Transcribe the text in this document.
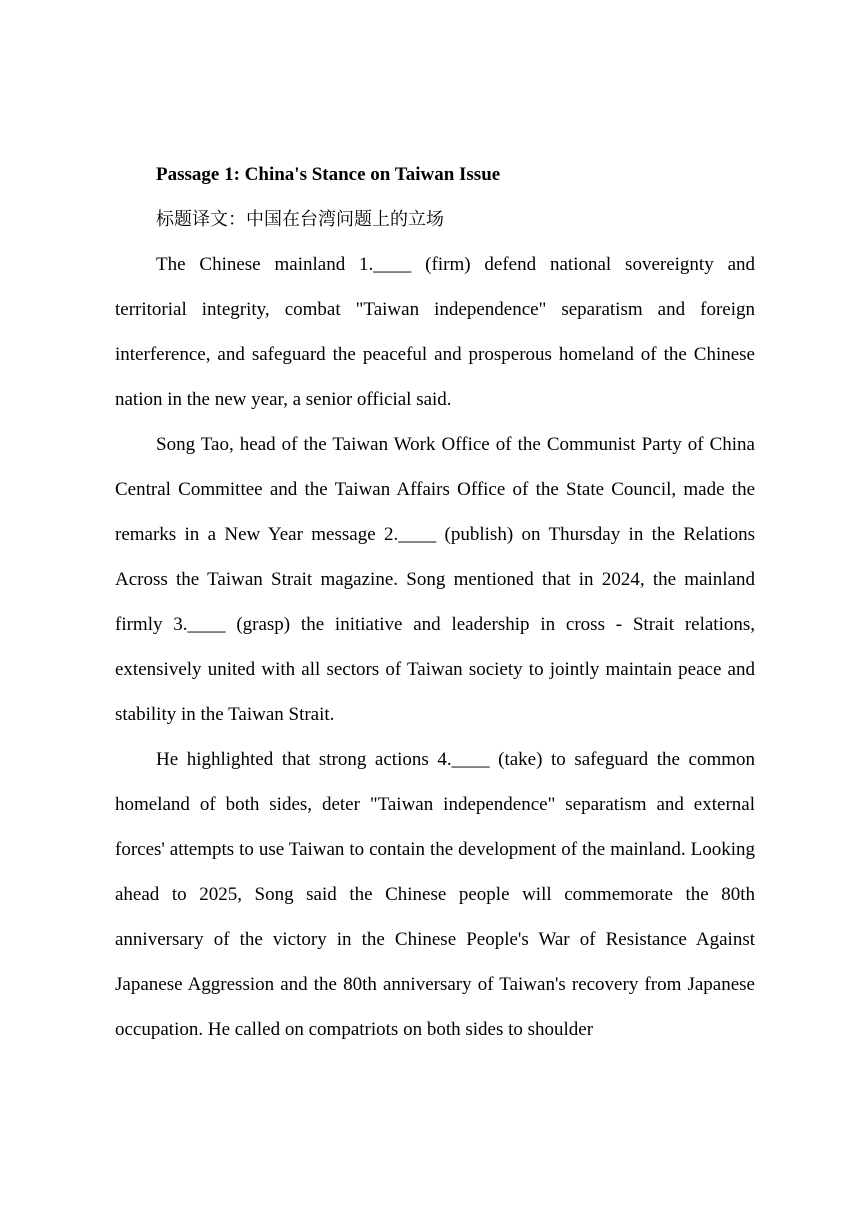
Passage 1: China's Stance on Taiwan Issue

标题译文：中国在台湾问题上的立场

The Chinese mainland 1.____ (firm) defend national sovereignty and territorial integrity, combat "Taiwan independence" separatism and foreign interference, and safeguard the peaceful and prosperous homeland of the Chinese nation in the new year, a senior official said.

Song Tao, head of the Taiwan Work Office of the Communist Party of China Central Committee and the Taiwan Affairs Office of the State Council, made the remarks in a New Year message 2.____ (publish) on Thursday in the Relations Across the Taiwan Strait magazine. Song mentioned that in 2024, the mainland firmly 3.____ (grasp) the initiative and leadership in cross - Strait relations, extensively united with all sectors of Taiwan society to jointly maintain peace and stability in the Taiwan Strait.

He highlighted that strong actions 4.____ (take) to safeguard the common homeland of both sides, deter "Taiwan independence" separatism and external forces' attempts to use Taiwan to contain the development of the mainland. Looking ahead to 2025, Song said the Chinese people will commemorate the 80th anniversary of the victory in the Chinese People's War of Resistance Against Japanese Aggression and the 80th anniversary of Taiwan's recovery from Japanese occupation. He called on compatriots on both sides to shoulder
